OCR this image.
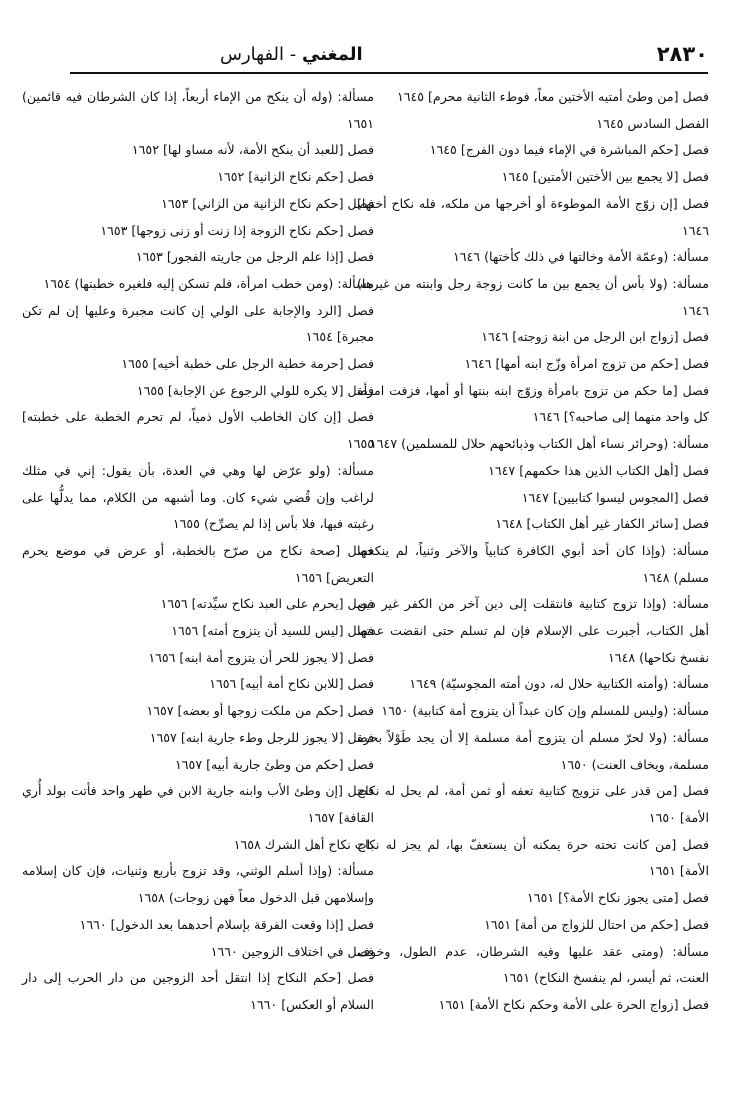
٢٨٣٠
المغني - الفهارس

فصل [من وطئ أمتيه الأختين معاً، فوطء الثانية محرم] ١٦٤٥

الفصل السادس ١٦٤٥

فصل [حكم المباشرة في الإماء فيما دون الفرج] ١٦٤٥

فصل [لا يجمع بين الأختين الأمتين] ١٦٤٥

فصل [إن زوّج الأمة الموطوءة أو أخرجها من ملكه، فله نكاح أختها] ١٦٤٦

مسألة: (وعمّة الأمة وخالتها في ذلك كأختها) ١٦٤٦

مسألة: (ولا بأس أن يجمع بين ما كانت زوجة رجل وابنته من غيرها) ١٦٤٦

فصل [زواج ابن الرجل من ابنة زوجته] ١٦٤٦

فصل [حكم من تزوج امرأة وزّج ابنه أمها] ١٦٤٦

فصل [ما حكم من تزوج بامرأة وزوّج ابنه بنتها أو أمها، فزفت امرأة كل واحد منهما إلى صاحبه؟] ١٦٤٦

مسألة: (وحرائر نساء أهل الكتاب وذبائحهم حلال للمسلمين) ١٦٤٧

فصل [أهل الكتاب الذين هذا حكمهم] ١٦٤٧

فصل [المجوس ليسوا كتابيين] ١٦٤٧

فصل [سائر الكفار غير أهل الكتاب] ١٦٤٨

مسألة: (وإذا كان أحد أبوي الكافرة كتابياً والآخر وثنياً، لم ينكحها مسلم) ١٦٤٨

مسألة: (وإذا تزوج كتابية فانتقلت إلى دين آخر من الكفر غير دين أهل الكتاب، أجبرت على الإسلام فإن لم تسلم حتى انقضت عدتها نفسخ نكاحها) ١٦٤٨

مسألة: (وأمته الكتابية حلال له، دون أمته المجوسيّة) ١٦٤٩

مسألة: (وليس للمسلم وإن كان عبداً أن يتزوج أمة كتابية) ١٦٥٠

مسألة: (ولا لحرّ مسلم أن يتزوج أمة مسلمة إلا أن يجد طَوْلاً بحرة مسلمة، ويخاف العنت) ١٦٥٠

فصل [من قدر على تزويج كتابية تعفه أو ثمن أمة، لم يحل له نكاح الأمة] ١٦٥٠

فصل [من كانت تحته حرة يمكنه أن يستعفّ بها، لم يجز له نكاح الأمة] ١٦٥١

فصل [متى يجوز نكاح الأمة؟] ١٦٥١

فصل [حكم من احتال للزواج من أمة] ١٦٥١

مسألة: (ومتى عقد عليها وفيه الشرطان، عدم الطول، وخوف العنت، ثم أيسر، لم ينفسخ النكاح) ١٦٥١

فصل [زواج الحرة على الأمة وحكم نكاح الأمة] ١٦٥١

مسألة: (وله أن ينكح من الإماء أربعاً، إذا كان الشرطان فيه قائمين) ١٦٥١

فصل [للعبد أن ينكح الأمة، لأنه مساو لها] ١٦٥٢

فصل [حكم نكاح الزانية] ١٦٥٢

فصل [حكم نكاح الزانية من الزاني] ١٦٥٣

فصل [حكم نكاح الزوجة إذا زنت أو زنى زوجها] ١٦٥٣

فصل [إذا علم الرجل من جاريته الفجور] ١٦٥٣

مسألة: (ومن خطب امرأة، فلم تسكن إليه فلغيره خطبتها) ١٦٥٤

فصل [الرد والإجابة على الولي إن كانت مجبرة وعليها إن لم تكن مجبرة] ١٦٥٤

فصل [حرمة خطبة الرجل على خطبة أخيه] ١٦٥٥

فصل [لا يكره للولي الرجوع عن الإجابة] ١٦٥٥

فصل [إن كان الخاطب الأول ذمياً، لم تحرم الخطبة على خطبته] ١٦٥٥

مسألة: (ولو عرّض لها وهي في العدة، بأن يقول: إني في مثلك لراغب وإن قُضي شيء كان. وما أشبهه من الكلام، مما يدلُّها على رغبته فيها، فلا بأس إذا لم يصرِّح) ١٦٥٥

فصل [صحة نكاح من صرّح بالخطبة، أو عرض في موضع يحرم التعريض] ١٦٥٦

فصل [يحرم على العبد نكاح سيِّدته] ١٦٥٦

فصل [ليس للسيد أن يتزوج أمته] ١٦٥٦

فصل [لا يجوز للحر أن يتزوج أمة ابنه] ١٦٥٦

فصل [للابن نكاح أمة أبيه] ١٦٥٦

فصل [حكم من ملكت زوجها أو بعضه] ١٦٥٧

فصل [لا يجوز للرجل وطء جارية ابنه] ١٦٥٧

فصل [حكم من وطئ جارية أبيه] ١٦٥٧

فصل [إن وطئ الأب وابنه جارية الابن في طهر واحد فأتت بولد أُري القافة] ١٦٥٧

باب نكاح أهل الشرك ١٦٥٨

مسألة: (وإذا أسلم الوثني، وقد تزوج بأربع وثنيات، فإن كان إسلامه وإسلامهن قبل الدخول معاً فهن زوجات) ١٦٥٨

فصل [إذا وقعت الفرقة بإسلام أحدهما بعد الدخول] ١٦٦٠

فصل في اختلاف الزوجين ١٦٦٠

فصل [حكم النكاح إذا انتقل أحد الزوجين من دار الحرب إلى دار السلام أو العكس] ١٦٦٠
